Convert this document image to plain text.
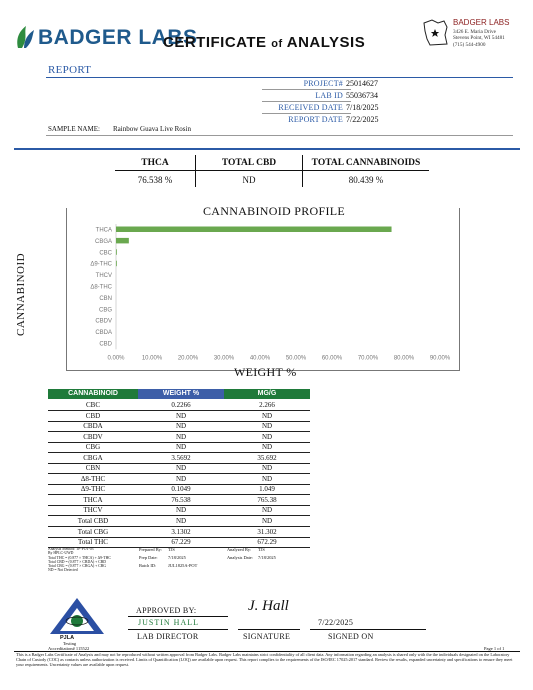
BADGER LABS
CERTIFICATE of ANALYSIS
BADGER LABS
3426 E. Maria Drive
Stevens Point, WI 54481
(715) 544-4900
REPORT
PROJECT# 25014627
LAB ID 55036734
RECEIVED DATE 7/18/2025
REPORT DATE 7/22/2025
SAMPLE NAME: Rainbow Guava Live Rosin
THCA	TOTAL CBD	TOTAL CANNABINOIDS
76.538 %	ND	80.439 %
CANNABINOID PROFILE
CANNABINOID
THCA
CBGA
CBC
Δ9-THC
THCV
Δ8-THC
CBN
CBG
CBDV
CBDA
CBD
0.00%	10.00%	20.00%	30.00%	40.00%	50.00%	60.00%	70.00%	80.00%	90.00%
WEIGHT %
CANNABINOID	WEIGHT %	MG/G
CBC	0.2266	2.266
CBD	ND	ND
CBDA	ND	ND
CBDV	ND	ND
CBG	ND	ND
CBGA	3.5692	35.692
CBN	ND	ND
Δ8-THC	ND	ND
Δ9-THC	0.1049	1.049
THCA	76.538	765.38
THCV	ND	ND
Total CBD	ND	ND
Total CBG	3.1302	31.302
Total THC	67.229	672.29
Analysis Method: TP-POT-03
By HPLC-UWD
Total THC = (0.877 × THCA) + Δ9-THC
Total CBD = (0.877 × CBDA) + CBD
Total CBG = (0.877 × CBGA) + CBG
ND = Not Detected
Prepared By: TJS
Prep Date: 7/18/2025
Batch ID:	JUL1825A-POT
Analyzed By: TJS
Analysis Date: 7/18/2025
PJLA
Testing
Accreditation# 115522
APPROVED BY:
JUSTIN HALL
LAB DIRECTOR
J. Hall
SIGNATURE
7/22/2025
SIGNED ON
Page 1 of 1
This is a Badger Labs Certificate of Analysis and may not be reproduced without written approval from Badger Labs. Badger Labs maintains strict confidentiality of all client data. Any information regarding an analysis is shared only with the the individuals designated on the Laboratory Chain of Custody (COC) as contacts unless authorization is received. Limits of Quantification (LOQ) are available upon request. This report complies to the requirements of the ISO/IEC 17025:2017 standard. Review the results, expanded uncertainty and specifications to ensure they meet your requirements. Uncertainty values are available upon request.
